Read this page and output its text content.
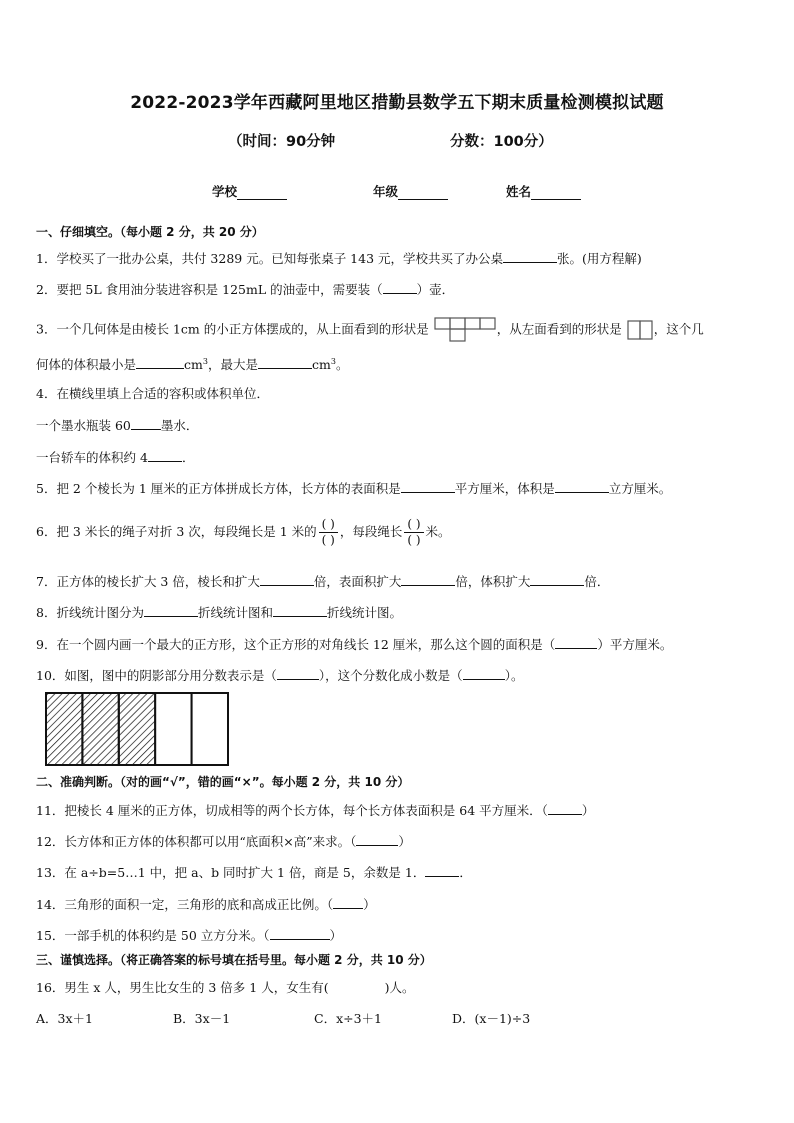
2022-2023学年西藏阿里地区措勤县数学五下期末质量检测模拟试题
（时间：90分钟	分数：100分）
学校	年级	姓名
一、仔细填空。（每小题 2 分，共 20 分）
1．学校买了一批办公桌，共付 3289 元。已知每张桌子 143 元，学校共买了办公桌	张。(用方程解)
2．要把 5L 食用油分装进容积是 125mL 的油壶中，需要装（	）壶．
3．一个几何体是由棱长 1cm 的小正方体摆成的，从上面看到的形状是	，从左面看到的形状是	，这个几
何体的体积最小是	$cm^3$，最大是	$cm^3$。
4．在横线里填上合适的容积或体积单位．
一个墨水瓶装 60 墨水．
一台轿车的体积约 4	．
5．把 2 个棱长为 1 厘米的正方体拼成长方体，长方体的表面积是	平方厘米，体积是	立方厘米。
6．把 3 米长的绳子对折 3 次，每段绳长是 1 米的 $\frac{( )}{( )}$ ，每段绳长 $\frac{( )}{( )}$ 米。
7．正方体的棱长扩大 3 倍，棱长和扩大	倍，表面积扩大	倍，体积扩大	倍．
8．折线统计图分为	折线统计图和	折线统计图。
9．在一个圆内画一个最大的正方形，这个正方形的对角线长 12 厘米，那么这个圆的面积是（	）平方厘米。
10．如图，图中的阴影部分用分数表示是（	），这个分数化成小数是（	）。
二、准确判断。（对的画“√”，错的画“×”。每小题 2 分，共 10 分）
11．把棱长 4 厘米的正方体，切成相等的两个长方体，每个长方体表面积是 64 平方厘米．（	）
12．长方体和正方体的体积都可以用“底面积×高”来求。（	）
13．在 a÷b=5…1 中，把 a、b 同时扩大 1 倍，商是 5，余数是 1．	．
14．三角形的面积一定，三角形的底和高成正比例。（ ）
15．一部手机的体积约是 50 立方分米。（	）
三、谨慎选择。（将正确答案的标号填在括号里。每小题 2 分，共 10 分）
16．男生 x 人，男生比女生的 3 倍多 1 人，女生有(	)人。
A．3x＋1	B．3x－1	C．x÷3＋1	D．(x－1)÷3
